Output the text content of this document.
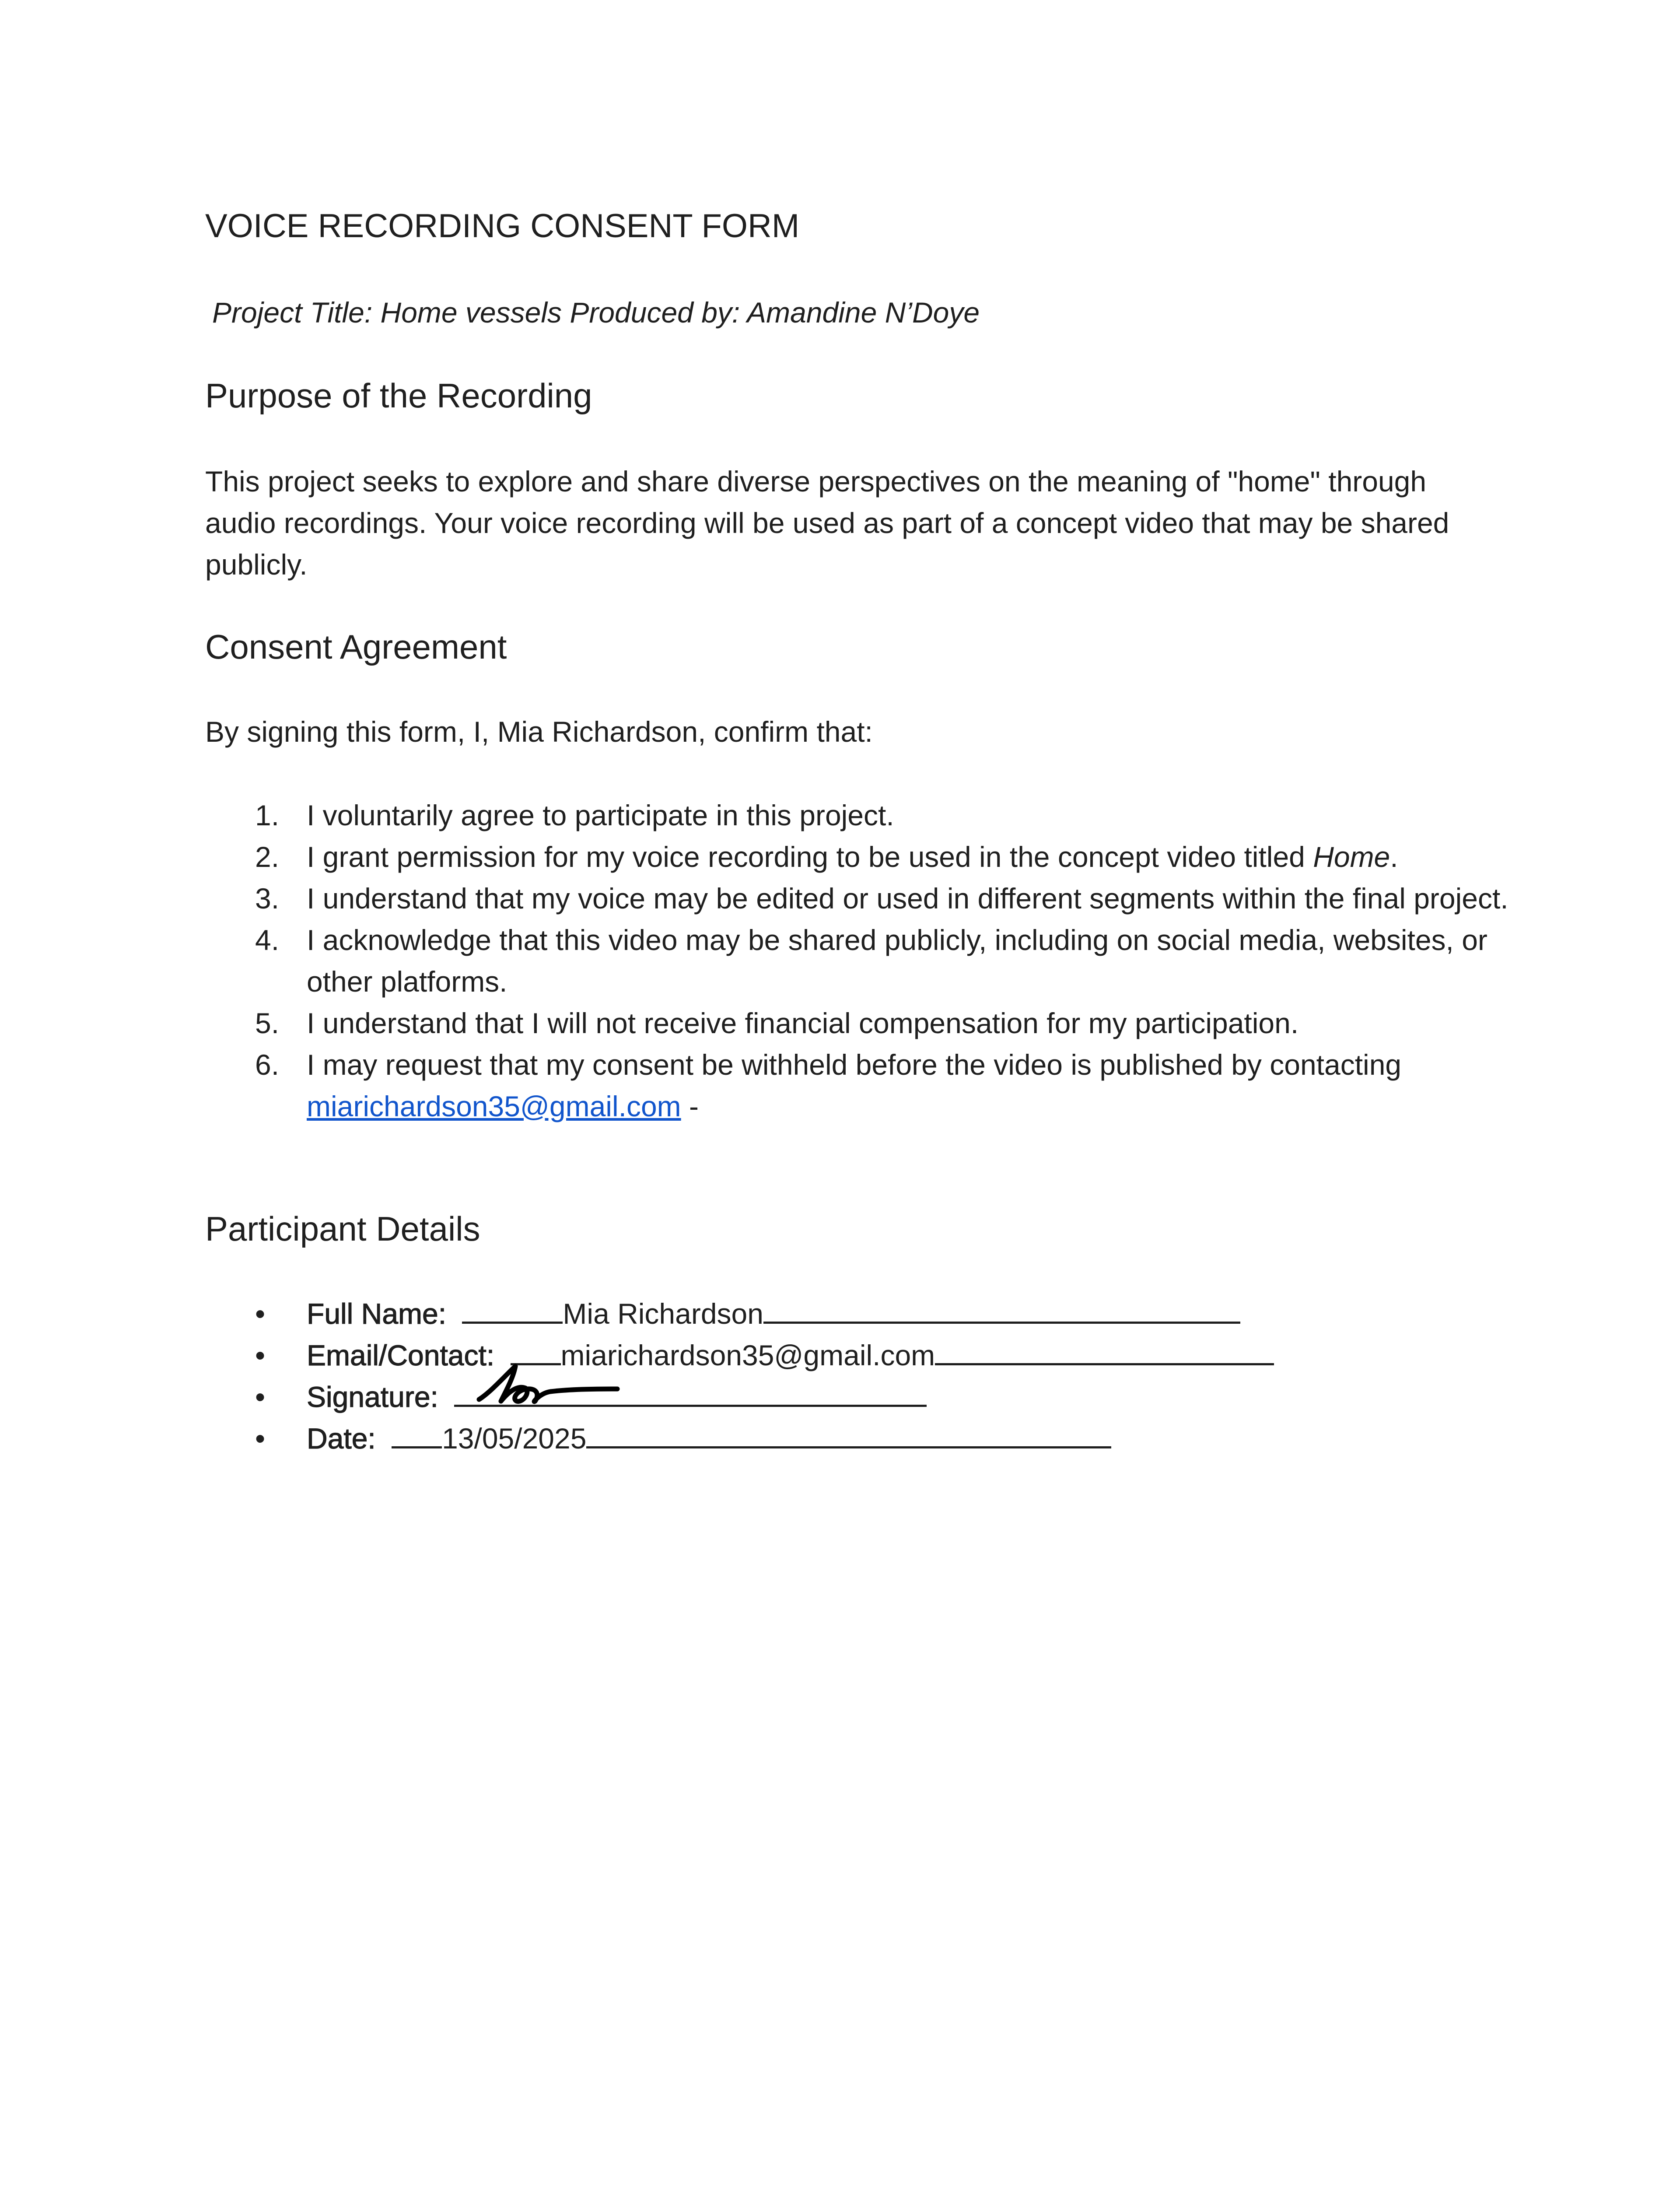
VOICE RECORDING CONSENT FORM

Project Title: Home vessels Produced by: Amandine N’Doye

Purpose of the Recording

This project seeks to explore and share diverse perspectives on the meaning of "home" through audio recordings. Your voice recording will be used as part of a concept video that may be shared publicly.

Consent Agreement

By signing this form, I, Mia Richardson, confirm that:

1. I voluntarily agree to participate in this project.
2. I grant permission for my voice recording to be used in the concept video titled Home.
3. I understand that my voice may be edited or used in different segments within the final project.
4. I acknowledge that this video may be shared publicly, including on social media, websites, or other platforms.
5. I understand that I will not receive financial compensation for my participation.
6. I may request that my consent be withheld before the video is published by contacting miarichardson35@gmail.com -
Participant Details
• Full Name:	Mia Richardson
• Email/Contact: miarichardson35@gmail.com
• Signature:
• Date: 13/05/2025
